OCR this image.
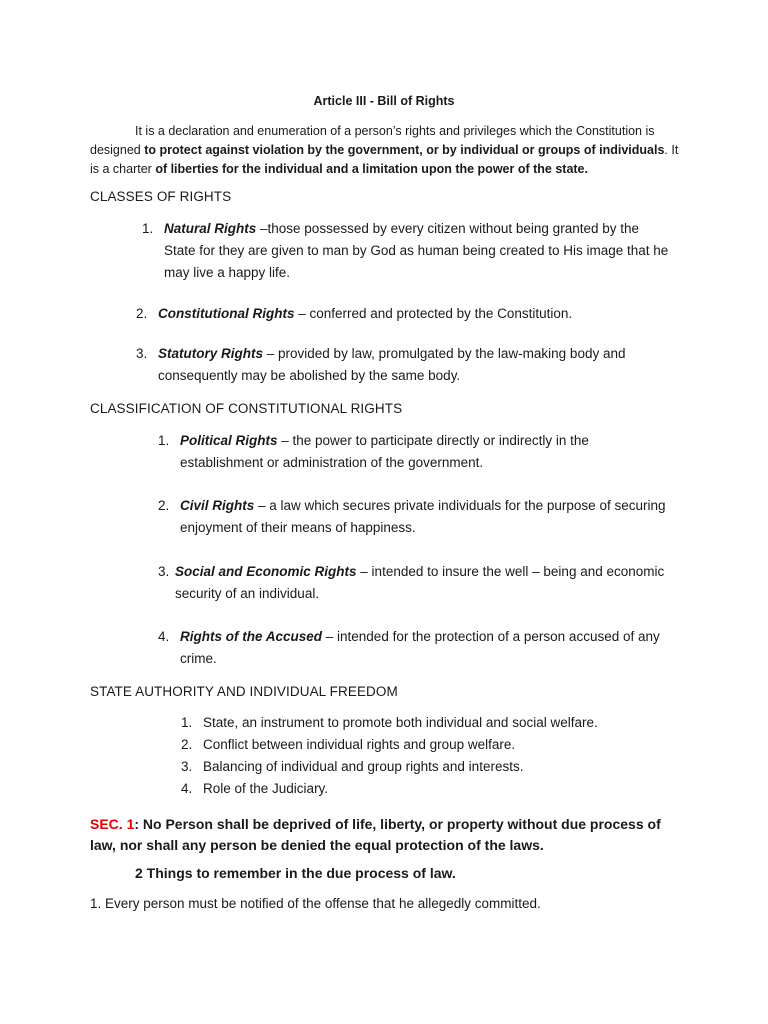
Article III - Bill of Rights
It is a declaration and enumeration of a person’s rights and privileges which the Constitution is designed to protect against violation by the government, or by individual or groups of individuals. It is a charter of liberties for the individual and a limitation upon the power of the state.
CLASSES OF RIGHTS
1. Natural Rights –those possessed by every citizen without being granted by the State for they are given to man by God as human being created to His image that he may live a happy life.
2. Constitutional Rights – conferred and protected by the Constitution.
3. Statutory Rights – provided by law, promulgated by the law-making body and consequently may be abolished by the same body.
CLASSIFICATION OF CONSTITUTIONAL RIGHTS
1. Political Rights – the power to participate directly or indirectly in the establishment or administration of the government.
2. Civil Rights – a law which secures private individuals for the purpose of securing enjoyment of their means of happiness.
3. Social and Economic Rights – intended to insure the well – being and economic security of an individual.
4. Rights of the Accused – intended for the protection of a person accused of any crime.
STATE AUTHORITY AND INDIVIDUAL FREEDOM
1. State, an instrument to promote both individual and social welfare.
2. Conflict between individual rights and group welfare.
3. Balancing of individual and group rights and interests.
4. Role of the Judiciary.
SEC. 1: No Person shall be deprived of life, liberty, or property without due process of law, nor shall any person be denied the equal protection of the laws.
2 Things to remember in the due process of law.
1. Every person must be notified of the offense that he allegedly committed.
